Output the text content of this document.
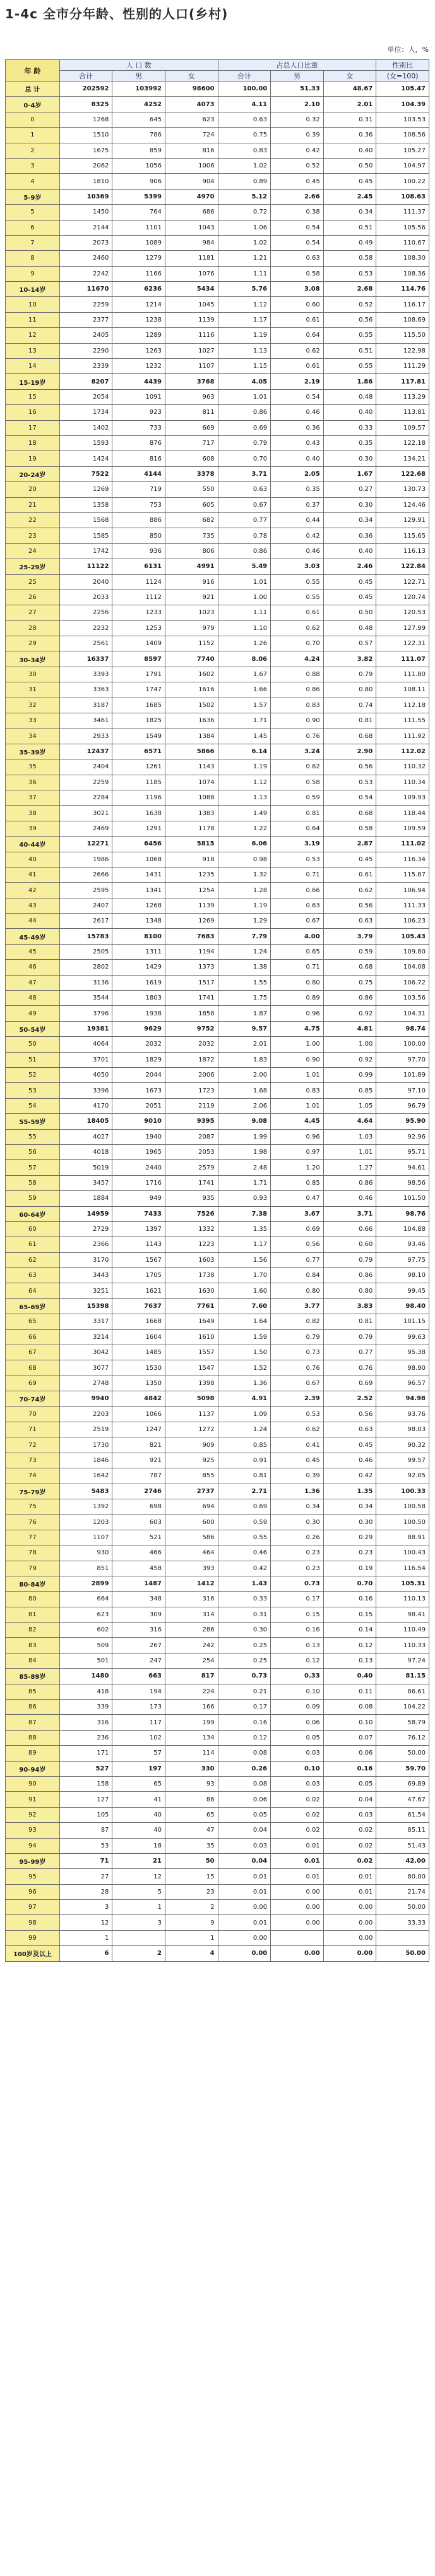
1-4c 全市分年龄、性别的人口(乡村)
单位：人，%
年 龄	人 口 数			占总人口比重			性别比
	合计	男	女	合计	男	女	(女=100)
总 计	202592	103992	98600	100.00	51.33	48.67	105.47
0-4岁	8325	4252	4073	4.11	2.10	2.01	104.39
0	1268	645	623	0.63	0.32	0.31	103.53
1	1510	786	724	0.75	0.39	0.36	108.56
2	1675	859	816	0.83	0.42	0.40	105.27
3	2062	1056	1006	1.02	0.52	0.50	104.97
4	1810	906	904	0.89	0.45	0.45	100.22
5-9岁	10369	5399	4970	5.12	2.66	2.45	108.63
5	1450	764	686	0.72	0.38	0.34	111.37
6	2144	1101	1043	1.06	0.54	0.51	105.56
7	2073	1089	984	1.02	0.54	0.49	110.67
8	2460	1279	1181	1.21	0.63	0.58	108.30
9	2242	1166	1076	1.11	0.58	0.53	108.36
10-14岁	11670	6236	5434	5.76	3.08	2.68	114.76
10	2259	1214	1045	1.12	0.60	0.52	116.17
11	2377	1238	1139	1.17	0.61	0.56	108.69
12	2405	1289	1116	1.19	0.64	0.55	115.50
13	2290	1263	1027	1.13	0.62	0.51	122.98
14	2339	1232	1107	1.15	0.61	0.55	111.29
15-19岁	8207	4439	3768	4.05	2.19	1.86	117.81
15	2054	1091	963	1.01	0.54	0.48	113.29
16	1734	923	811	0.86	0.46	0.40	113.81
17	1402	733	669	0.69	0.36	0.33	109.57
18	1593	876	717	0.79	0.43	0.35	122.18
19	1424	816	608	0.70	0.40	0.30	134.21
20-24岁	7522	4144	3378	3.71	2.05	1.67	122.68
20	1269	719	550	0.63	0.35	0.27	130.73
21	1358	753	605	0.67	0.37	0.30	124.46
22	1568	886	682	0.77	0.44	0.34	129.91
23	1585	850	735	0.78	0.42	0.36	115.65
24	1742	936	806	0.86	0.46	0.40	116.13
25-29岁	11122	6131	4991	5.49	3.03	2.46	122.84
25	2040	1124	916	1.01	0.55	0.45	122.71
26	2033	1112	921	1.00	0.55	0.45	120.74
27	2256	1233	1023	1.11	0.61	0.50	120.53
28	2232	1253	979	1.10	0.62	0.48	127.99
29	2561	1409	1152	1.26	0.70	0.57	122.31
30-34岁	16337	8597	7740	8.06	4.24	3.82	111.07
30	3393	1791	1602	1.67	0.88	0.79	111.80
31	3363	1747	1616	1.66	0.86	0.80	108.11
32	3187	1685	1502	1.57	0.83	0.74	112.18
33	3461	1825	1636	1.71	0.90	0.81	111.55
34	2933	1549	1384	1.45	0.76	0.68	111.92
35-39岁	12437	6571	5866	6.14	3.24	2.90	112.02
35	2404	1261	1143	1.19	0.62	0.56	110.32
36	2259	1185	1074	1.12	0.58	0.53	110.34
37	2284	1196	1088	1.13	0.59	0.54	109.93
38	3021	1638	1383	1.49	0.81	0.68	118.44
39	2469	1291	1178	1.22	0.64	0.58	109.59
40-44岁	12271	6456	5815	6.06	3.19	2.87	111.02
40	1986	1068	918	0.98	0.53	0.45	116.34
41	2666	1431	1235	1.32	0.71	0.61	115.87
42	2595	1341	1254	1.28	0.66	0.62	106.94
43	2407	1268	1139	1.19	0.63	0.56	111.33
44	2617	1348	1269	1.29	0.67	0.63	106.23
45-49岁	15783	8100	7683	7.79	4.00	3.79	105.43
45	2505	1311	1194	1.24	0.65	0.59	109.80
46	2802	1429	1373	1.38	0.71	0.68	104.08
47	3136	1619	1517	1.55	0.80	0.75	106.72
48	3544	1803	1741	1.75	0.89	0.86	103.56
49	3796	1938	1858	1.87	0.96	0.92	104.31
50-54岁	19381	9629	9752	9.57	4.75	4.81	98.74
50	4064	2032	2032	2.01	1.00	1.00	100.00
51	3701	1829	1872	1.83	0.90	0.92	97.70
52	4050	2044	2006	2.00	1.01	0.99	101.89
53	3396	1673	1723	1.68	0.83	0.85	97.10
54	4170	2051	2119	2.06	1.01	1.05	96.79
55-59岁	18405	9010	9395	9.08	4.45	4.64	95.90
55	4027	1940	2087	1.99	0.96	1.03	92.96
56	4018	1965	2053	1.98	0.97	1.01	95.71
57	5019	2440	2579	2.48	1.20	1.27	94.61
58	3457	1716	1741	1.71	0.85	0.86	98.56
59	1884	949	935	0.93	0.47	0.46	101.50
60-64岁	14959	7433	7526	7.38	3.67	3.71	98.76
60	2729	1397	1332	1.35	0.69	0.66	104.88
61	2366	1143	1223	1.17	0.56	0.60	93.46
62	3170	1567	1603	1.56	0.77	0.79	97.75
63	3443	1705	1738	1.70	0.84	0.86	98.10
64	3251	1621	1630	1.60	0.80	0.80	99.45
65-69岁	15398	7637	7761	7.60	3.77	3.83	98.40
65	3317	1668	1649	1.64	0.82	0.81	101.15
66	3214	1604	1610	1.59	0.79	0.79	99.63
67	3042	1485	1557	1.50	0.73	0.77	95.38
68	3077	1530	1547	1.52	0.76	0.76	98.90
69	2748	1350	1398	1.36	0.67	0.69	96.57
70-74岁	9940	4842	5098	4.91	2.39	2.52	94.98
70	2203	1066	1137	1.09	0.53	0.56	93.76
71	2519	1247	1272	1.24	0.62	0.63	98.03
72	1730	821	909	0.85	0.41	0.45	90.32
73	1846	921	925	0.91	0.45	0.46	99.57
74	1642	787	855	0.81	0.39	0.42	92.05
75-79岁	5483	2746	2737	2.71	1.36	1.35	100.33
75	1392	698	694	0.69	0.34	0.34	100.58
76	1203	603	600	0.59	0.30	0.30	100.50
77	1107	521	586	0.55	0.26	0.29	88.91
78	930	466	464	0.46	0.23	0.23	100.43
79	851	458	393	0.42	0.23	0.19	116.54
80-84岁	2899	1487	1412	1.43	0.73	0.70	105.31
80	664	348	316	0.33	0.17	0.16	110.13
81	623	309	314	0.31	0.15	0.15	98.41
82	602	316	286	0.30	0.16	0.14	110.49
83	509	267	242	0.25	0.13	0.12	110.33
84	501	247	254	0.25	0.12	0.13	97.24
85-89岁	1480	663	817	0.73	0.33	0.40	81.15
85	418	194	224	0.21	0.10	0.11	86.61
86	339	173	166	0.17	0.09	0.08	104.22
87	316	117	199	0.16	0.06	0.10	58.79
88	236	102	134	0.12	0.05	0.07	76.12
89	171	57	114	0.08	0.03	0.06	50.00
90-94岁	527	197	330	0.26	0.10	0.16	59.70
90	158	65	93	0.08	0.03	0.05	69.89
91	127	41	86	0.06	0.02	0.04	47.67
92	105	40	65	0.05	0.02	0.03	61.54
93	87	40	47	0.04	0.02	0.02	85.11
94	53	18	35	0.03	0.01	0.02	51.43
95-99岁	71	21	50	0.04	0.01	0.02	42.00
95	27	12	15	0.01	0.01	0.01	80.00
96	28	5	23	0.01	0.00	0.01	21.74
97	3	1	2	0.00	0.00	0.00	50.00
98	12	3	9	0.01	0.00	0.00	33.33
99	1		1	0.00		0.00	
100岁及以上	6	2	4	0.00	0.00	0.00	50.00
